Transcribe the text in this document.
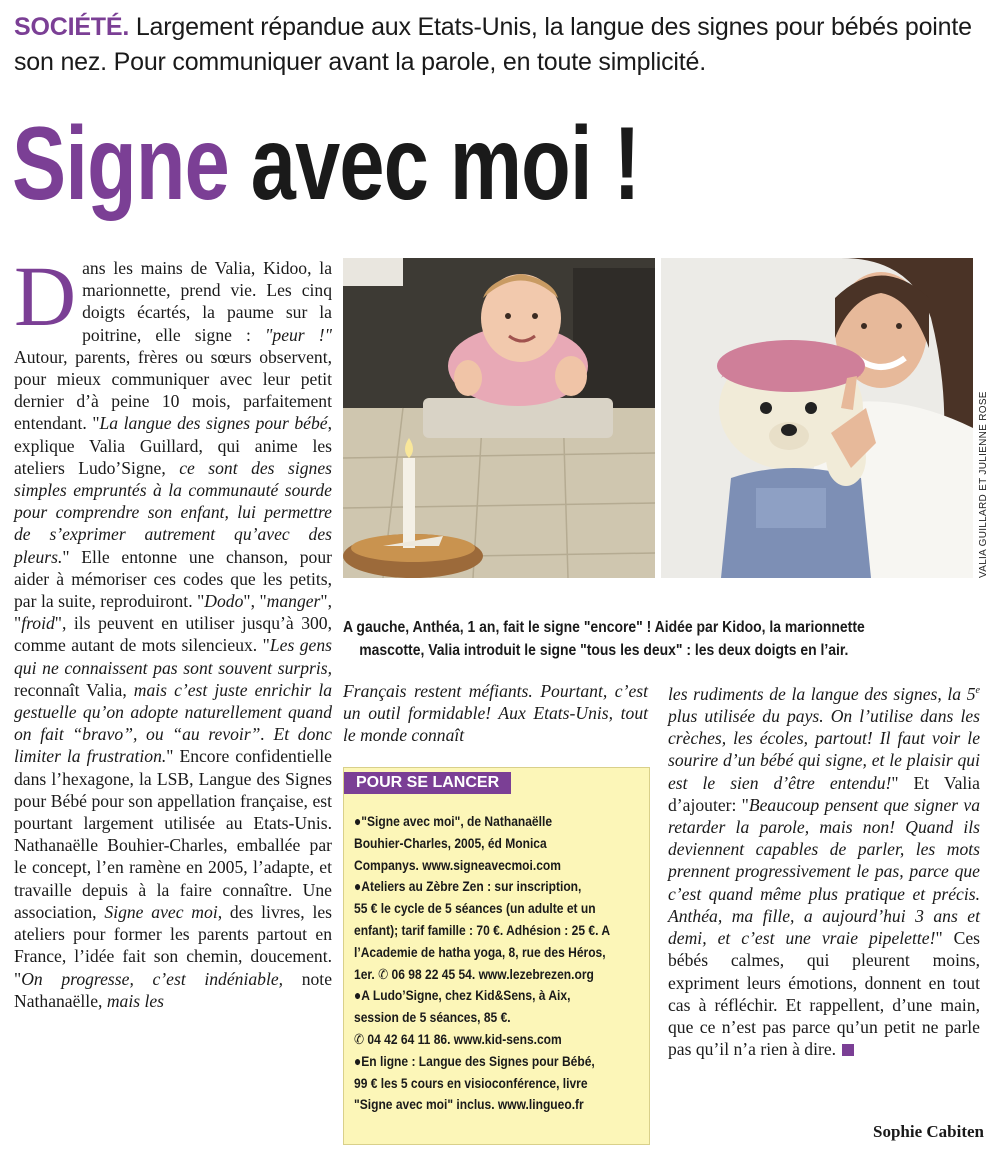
SOCIÉTÉ. Largement répandue aux Etats-Unis, la langue des signes pour bébés pointe son nez. Pour communiquer avant la parole, en toute simplicité.
Signe avec moi !

Dans les mains de Valia, Kidoo, la marionnette, prend vie. Les cinq doigts écartés, la paume sur la poitrine, elle signe : "peur !" Autour, parents, frères ou sœurs observent, pour mieux communiquer avec leur petit dernier d’à peine 10 mois, parfaitement entendant. "La langue des signes pour bébé, explique Valia Guillard, qui anime les ateliers Ludo’Signe, ce sont des signes simples empruntés à la communauté sourde pour comprendre son enfant, lui permettre de s’exprimer autrement qu’avec des pleurs." Elle entonne une chanson, pour aider à mémoriser ces codes que les petits, par la suite, reproduiront. "Dodo", "manger", "froid", ils peuvent en utiliser jusqu’à 300, comme autant de mots silencieux. "Les gens qui ne connaissent pas sont souvent surpris, reconnaît Valia, mais c’est juste enrichir la gestuelle qu’on adopte naturellement quand on fait “bravo”, ou “au revoir”. Et donc limiter la frustration." Encore confidentielle dans l’hexagone, la LSB, Langue des Signes pour Bébé pour son appellation française, est pourtant largement utilisée au Etats-Unis. Nathanaëlle Bouhier-Charles, emballée par le concept, l’en ramène en 2005, l’adapte, et travaille depuis à la faire connaître. Une association, Signe avec moi, des livres, les ateliers pour former les parents partout en France, l’idée fait son chemin, doucement. "On progresse, c’est indéniable, note Nathanaëlle, mais les

VALIA GUILLARD ET JULIENNE ROSE
A gauche, Anthéa, 1 an, fait le signe "encore" ! Aidée par Kidoo, la marionnette
mascotte, Valia introduit le signe "tous les deux" : les deux doigts en l’air.

Français restent méfiants. Pourtant, c’est un outil formidable! Aux Etats-Unis, tout le monde connaît

POUR SE LANCER
●"Signe avec moi", de Nathanaëlle
Bouhier-Charles, 2005, éd Monica
Companys. www.signeavecmoi.com
●Ateliers au Zèbre Zen : sur inscription,
55 € le cycle de 5 séances (un adulte et un
enfant); tarif famille : 70 €. Adhésion : 25 €. A
l’Academie de hatha yoga, 8, rue des Héros,
1er. ✆ 06 98 22 45 54. www.lezebrezen.org
●A Ludo’Signe, chez Kid&Sens, à Aix,
session de 5 séances, 85 €.
✆ 04 42 64 11 86. www.kid-sens.com
●En ligne : Langue des Signes pour Bébé,
99 € les 5 cours en visioconférence, livre
"Signe avec moi" inclus. www.lingueo.fr

les rudiments de la langue des signes, la 5e plus utilisée du pays. On l’utilise dans les crèches, les écoles, partout! Il faut voir le sourire d’un bébé qui signe, et le plaisir qui est le sien d’être entendu!" Et Valia d’ajouter: "Beaucoup pensent que signer va retarder la parole, mais non! Quand ils deviennent capables de parler, les mots prennent progressivement le pas, parce que c’est quand même plus pratique et précis. Anthéa, ma fille, a aujourd’hui 3 ans et demi, et c’est une vraie pipelette!" Ces bébés calmes, qui pleurent moins, expriment leurs émotions, donnent en tout cas à réfléchir. Et rappellent, d’une main, que ce n’est pas parce qu’un petit ne parle pas qu’il n’a rien à dire.

Sophie Cabiten
